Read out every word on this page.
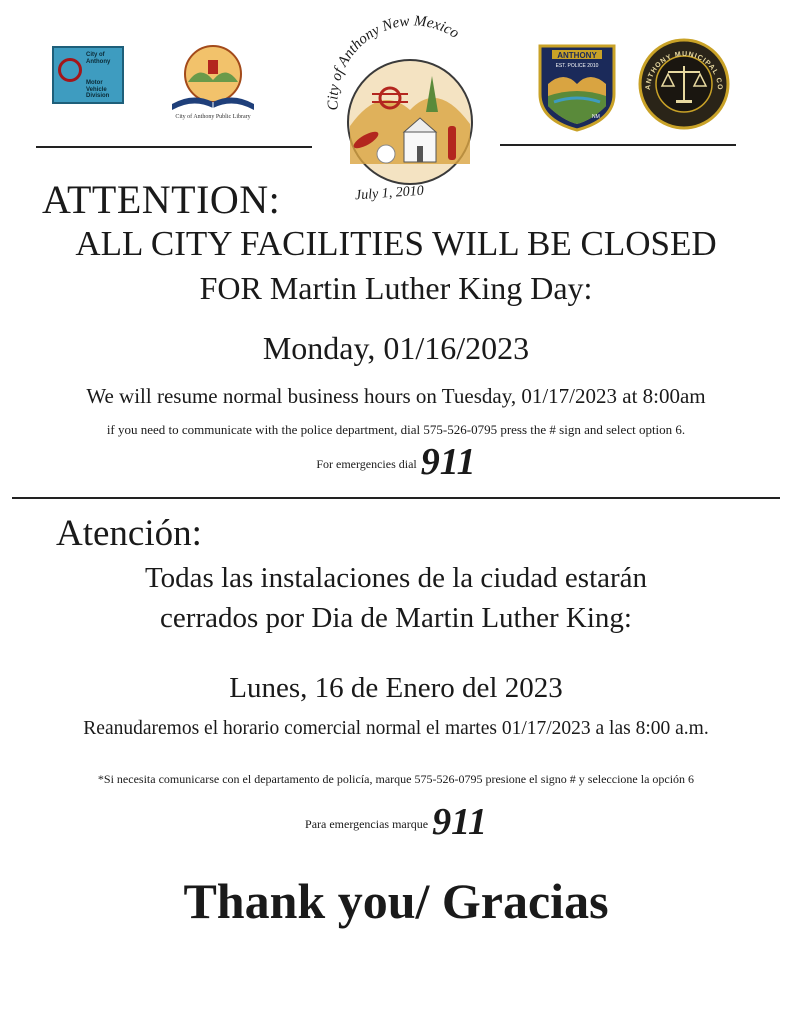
City of Anthony
Motor Vehicle Division
City of Anthony Public Library
City of Anthony New Mexico
July 1, 2010
ANTHONY
EST. POLICE 2010
NM
ANTHONY MUNICIPAL CO
ATTENTION:
ALL CITY FACILITIES WILL BE CLOSED
FOR Martin Luther King Day:
Monday, 01/16/2023
We will resume normal business hours on Tuesday, 01/17/2023 at 8:00am
if you need to communicate with the police department, dial 575-526-0795 press the # sign and select option 6.
For emergencies dial 911
Atención:
Todas las instalaciones de la ciudad estarán
cerrados por Dia de Martin Luther King:
Lunes, 16 de Enero del 2023
Reanudaremos el horario comercial normal el martes 01/17/2023 a las 8:00 a.m.
*Si necesita comunicarse con el departamento de policía, marque 575-526-0795 presione el signo # y seleccione la opción 6
Para emergencias marque 911
Thank you/ Gracias
